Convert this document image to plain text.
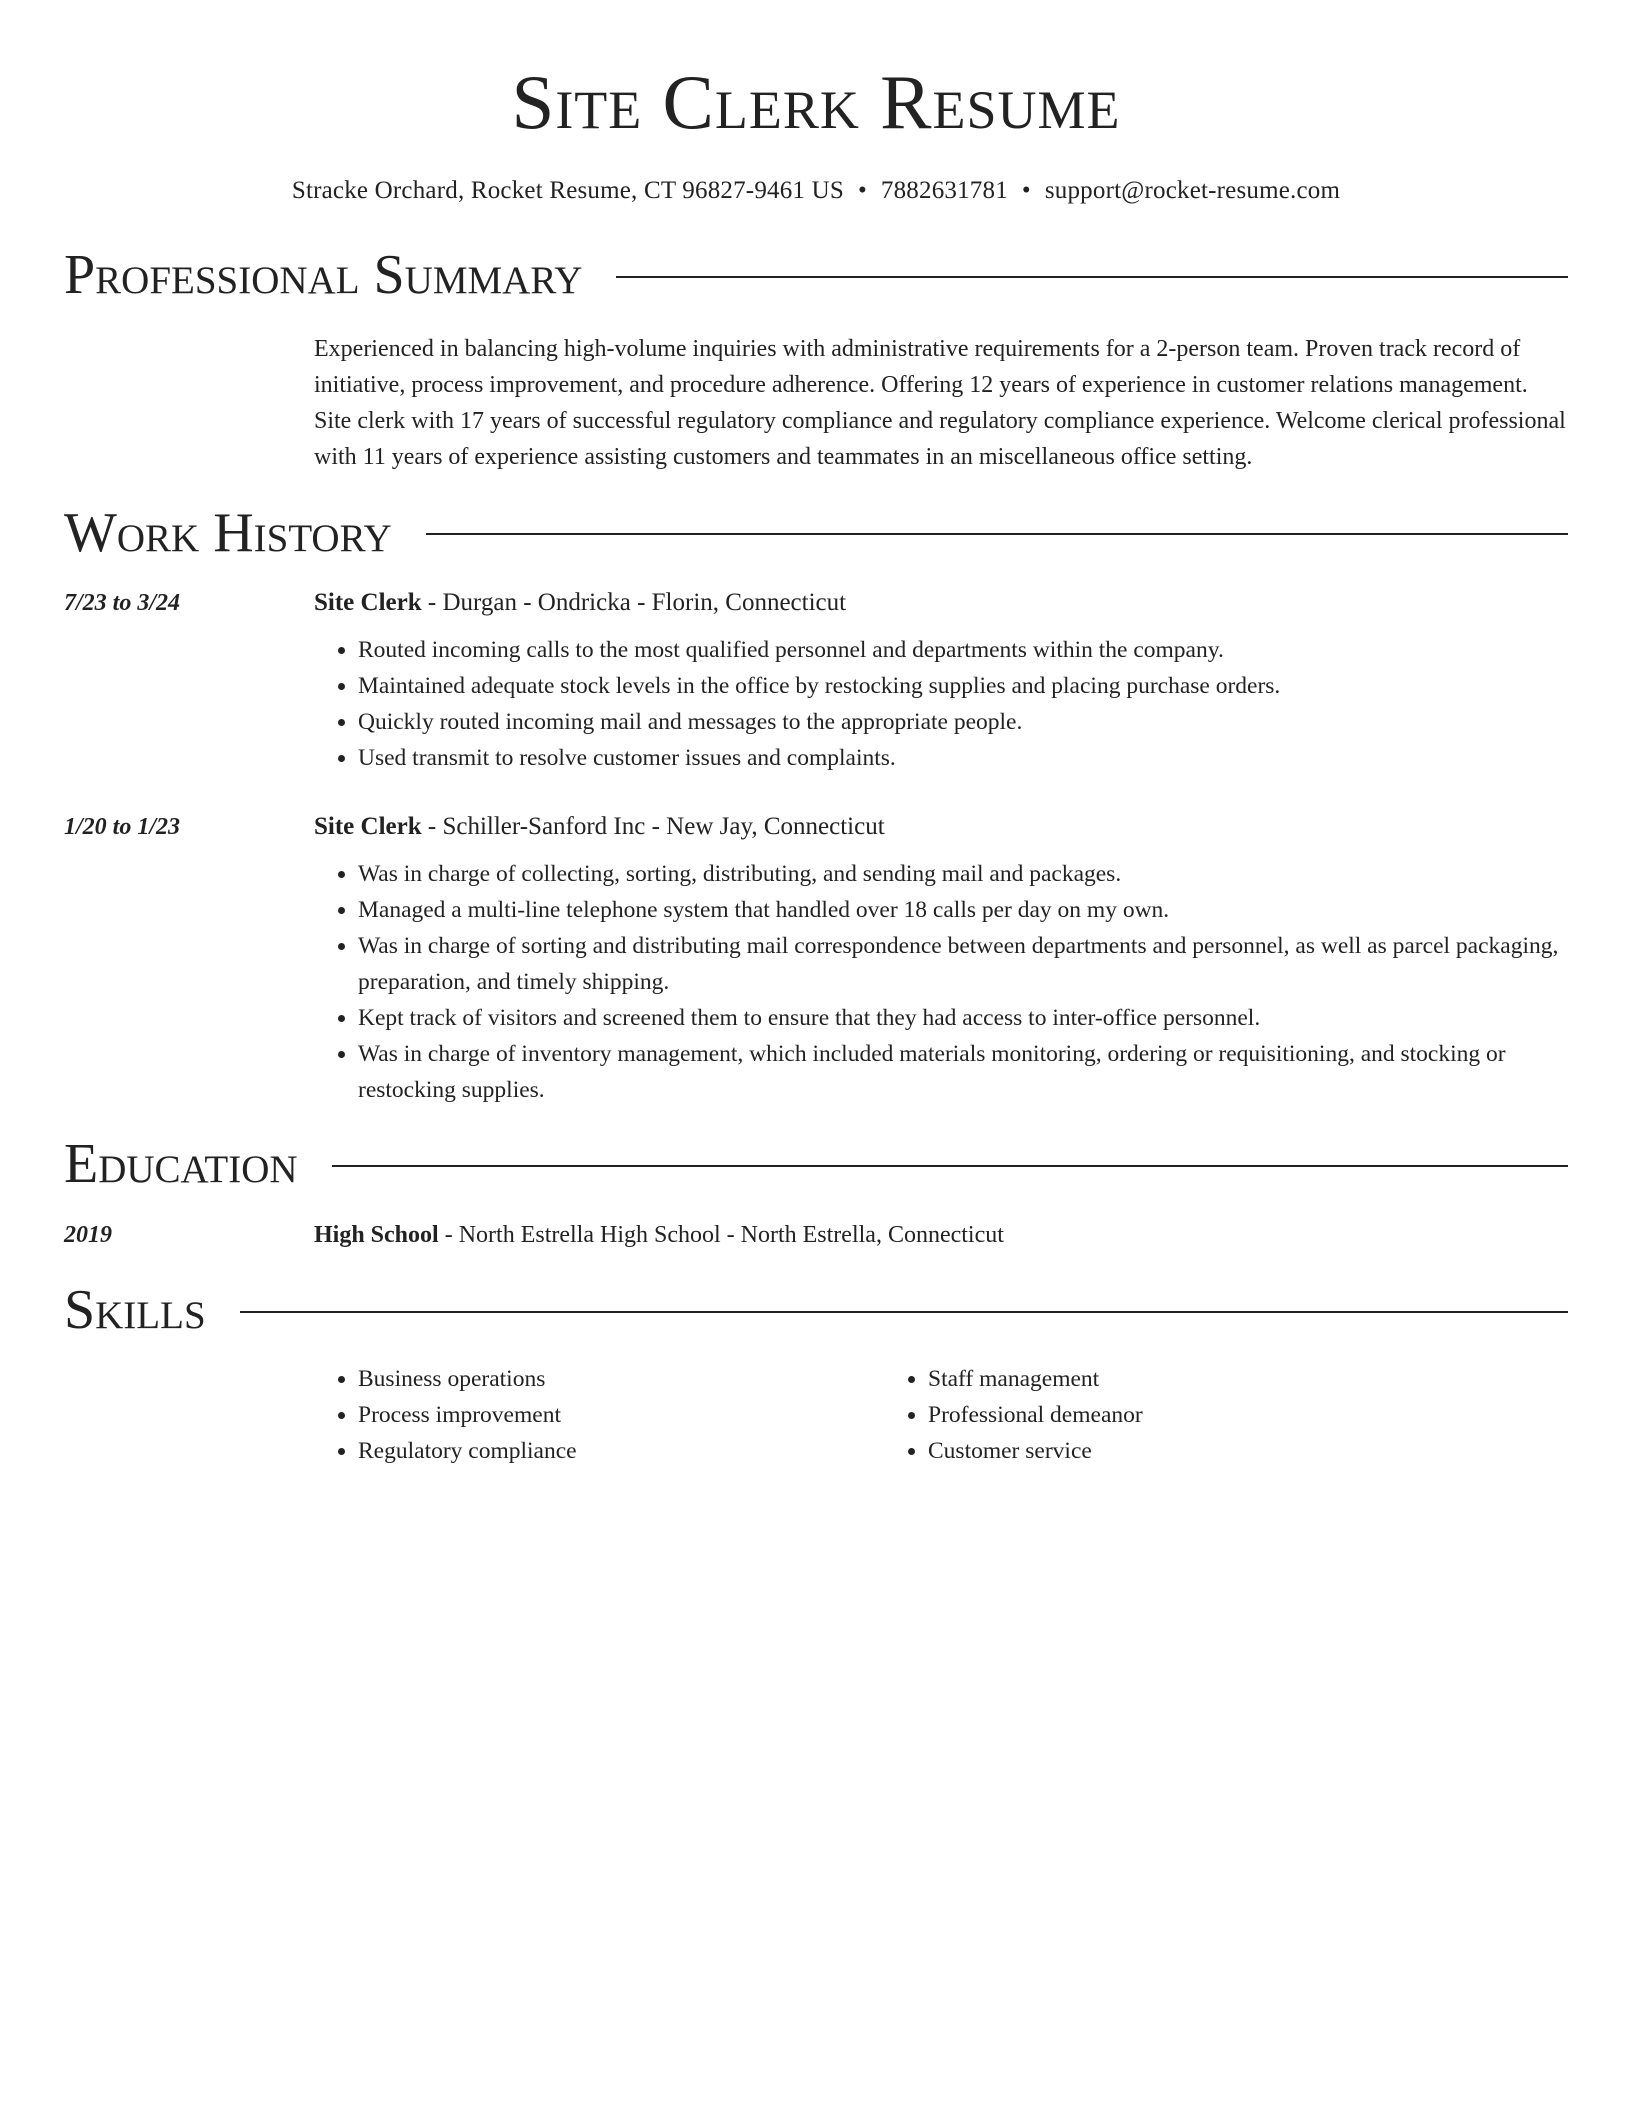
Site Clerk Resume
Stracke Orchard, Rocket Resume, CT 96827-9461 US • 7882631781 • support@rocket-resume.com
Professional Summary
Experienced in balancing high-volume inquiries with administrative requirements for a 2-person team. Proven track record of initiative, process improvement, and procedure adherence. Offering 12 years of experience in customer relations management. Site clerk with 17 years of successful regulatory compliance and regulatory compliance experience. Welcome clerical professional with 11 years of experience assisting customers and teammates in an miscellaneous office setting.
Work History
7/23 to 3/24	Site Clerk - Durgan - Ondricka - Florin, Connecticut
• Routed incoming calls to the most qualified personnel and departments within the company.
• Maintained adequate stock levels in the office by restocking supplies and placing purchase orders.
• Quickly routed incoming mail and messages to the appropriate people.
• Used transmit to resolve customer issues and complaints.
1/20 to 1/23	Site Clerk - Schiller-Sanford Inc - New Jay, Connecticut
• Was in charge of collecting, sorting, distributing, and sending mail and packages.
• Managed a multi-line telephone system that handled over 18 calls per day on my own.
• Was in charge of sorting and distributing mail correspondence between departments and personnel, as well as parcel packaging, preparation, and timely shipping.
• Kept track of visitors and screened them to ensure that they had access to inter-office personnel.
• Was in charge of inventory management, which included materials monitoring, ordering or requisitioning, and stocking or restocking supplies.
Education
2019	High School - North Estrella High School - North Estrella, Connecticut
Skills
• Business operations
• Process improvement
• Regulatory compliance
• Staff management
• Professional demeanor
• Customer service
